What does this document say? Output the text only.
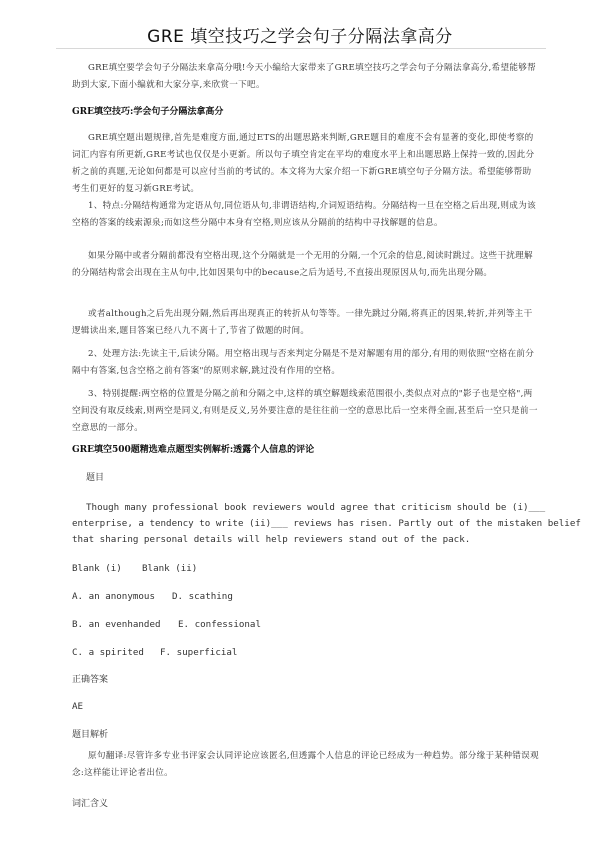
GRE 填空技巧之学会句子分隔法拿高分

GRE填空要学会句子分隔法来拿高分哦!今天小编给大家带来了GRE填空技巧之学会句子分隔法拿高分,希望能够帮助到大家,下面小编就和大家分享,来欣赏一下吧。

GRE填空技巧:学会句子分隔法拿高分

GRE填空题出题规律,首先是难度方面,通过ETS的出题思路来判断,GRE题目的难度不会有显著的变化,即使考察的词汇内容有所更新,GRE考试也仅仅是小更新。所以句子填空肯定在平均的难度水平上和出题思路上保持一致的,因此分析之前的真题,无论如何都是可以应付当前的考试的。本文将为大家介绍一下新GRE填空句子分隔方法。希望能够帮助考生们更好的复习新GRE考试。

1、特点:分隔结构通常为定语从句,同位语从句,非谓语结构,介词短语结构。分隔结构一旦在空格之后出现,则成为该空格的答案的线索源泉;而如这些分隔中本身有空格,则应该从分隔前的结构中寻找解题的信息。

如果分隔中或者分隔前都没有空格出现,这个分隔就是一个无用的分隔,一个冗余的信息,阅读时跳过。这些干扰理解的分隔结构常会出现在主从句中,比如因果句中的because之后为适号,不直接出现原因从句,而先出现分隔。

或者although之后先出现分隔,然后再出现真正的转折从句等等。一律先跳过分隔,将真正的因果,转折,并列等主干逻辑读出来,题目答案已经八九不离十了,节省了做题的时间。

2、处理方法:先读主干,后读分隔。用空格出现与否来判定分隔是不是对解题有用的部分,有用的则依照"空格在前分隔中有答案,包含空格之前有答案"的原则求解,跳过没有作用的空格。

3、特别提醒:两空格的位置是分隔之前和分隔之中,这样的填空解题线索范围很小,类似点对点的"影子也是空格",两空间没有取反线索,则两空是同义,有则是反义,另外要注意的是往往前一空的意思比后一空来得全面,甚至后一空只是前一空意思的一部分。

GRE填空500题精选难点题型实例解析:透露个人信息的评论

题目

Though many professional book reviewers would agree that criticism should be (i)___

enterprise, a tendency to write (ii)___ reviews has risen. Partly out of the mistaken belief

that sharing personal details will help reviewers stand out of the pack.

Blank (i) Blank (ii)

A. an anonymous D. scathing

B. an evenhanded E. confessional

C. a spirited F. superficial

正确答案

AE

题目解析

原句翻译:尽管许多专业书评家会认同评论应该匿名,但透露个人信息的评论已经成为一种趋势。部分缘于某种错误观念:这样能让评论者出位。

词汇含义
